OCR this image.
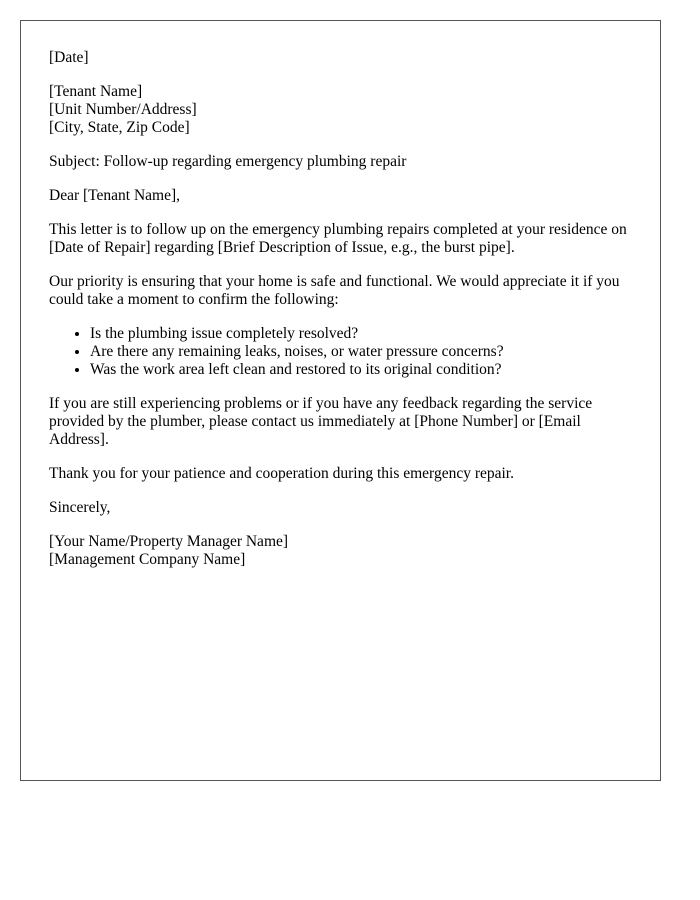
[Date]

[Tenant Name]
[Unit Number/Address]
[City, State, Zip Code]

Subject: Follow-up regarding emergency plumbing repair

Dear [Tenant Name],

This letter is to follow up on the emergency plumbing repairs completed at your residence on [Date of Repair] regarding [Brief Description of Issue, e.g., the burst pipe].

Our priority is ensuring that your home is safe and functional. We would appreciate it if you could take a moment to confirm the following:

• Is the plumbing issue completely resolved?
• Are there any remaining leaks, noises, or water pressure concerns?
• Was the work area left clean and restored to its original condition?

If you are still experiencing problems or if you have any feedback regarding the service provided by the plumber, please contact us immediately at [Phone Number] or [Email Address].

Thank you for your patience and cooperation during this emergency repair.

Sincerely,

[Your Name/Property Manager Name]
[Management Company Name]
